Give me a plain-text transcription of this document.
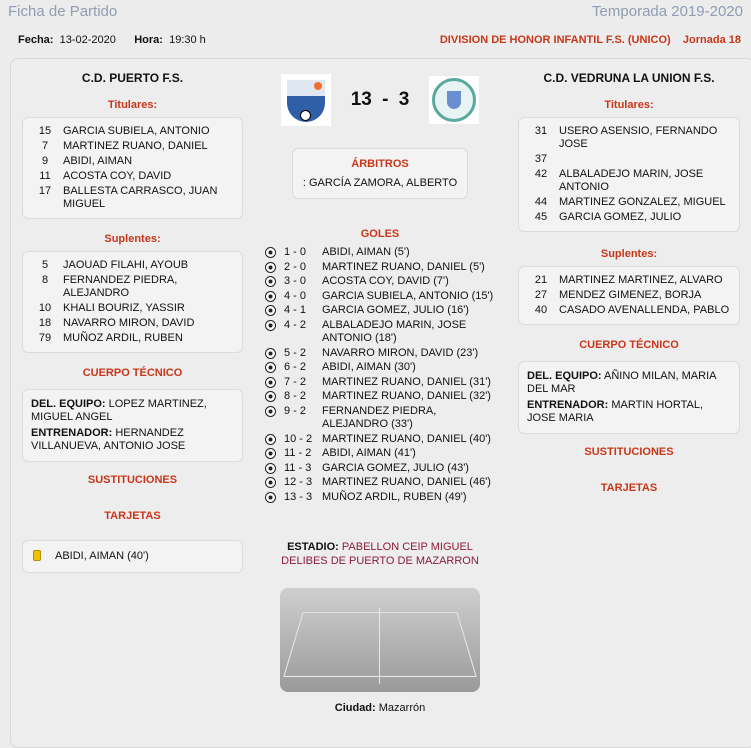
Ficha de Partido	Temporada 2019-2020
Fecha: 13-02-2020 Hora: 19:30 h	DIVISION DE HONOR INFANTIL F.S. (UNICO) Jornada 18
C.D. PUERTO F.S.
Titulares:
15	GARCIA SUBIELA, ANTONIO
7	MARTINEZ RUANO, DANIEL
9	ABIDI, AIMAN
11	ACOSTA COY, DAVID
17	BALLESTA CARRASCO, JUAN MIGUEL
Suplentes:
5	JAOUAD FILAHI, AYOUB
8	FERNANDEZ PIEDRA, ALEJANDRO
10	KHALI BOURIZ, YASSIR
18	NAVARRO MIRON, DAVID
79	MUÑOZ ARDIL, RUBEN
CUERPO TÉCNICO
DEL. EQUIPO: LOPEZ MARTINEZ, MIGUEL ANGEL
ENTRENADOR: HERNANDEZ VILLANUEVA, ANTONIO JOSE
SUSTITUCIONES
TARJETAS
ABIDI, AIMAN (40')
13 - 3
ÁRBITROS
: GARCÍA ZAMORA, ALBERTO
GOLES
1 - 0	ABIDI, AIMAN (5')
2 - 0	MARTINEZ RUANO, DANIEL (5')
3 - 0	ACOSTA COY, DAVID (7')
4 - 0	GARCIA SUBIELA, ANTONIO (15')
4 - 1	GARCIA GOMEZ, JULIO (16')
4 - 2	ALBALADEJO MARIN, JOSE ANTONIO (18')
5 - 2	NAVARRO MIRON, DAVID (23')
6 - 2	ABIDI, AIMAN (30')
7 - 2	MARTINEZ RUANO, DANIEL (31')
8 - 2	MARTINEZ RUANO, DANIEL (32')
9 - 2	FERNANDEZ PIEDRA, ALEJANDRO (33')
10 - 2 MARTINEZ RUANO, DANIEL (40')
11 - 2 ABIDI, AIMAN (41')
11 - 3 GARCIA GOMEZ, JULIO (43')
12 - 3 MARTINEZ RUANO, DANIEL (46')
13 - 3 MUÑOZ ARDIL, RUBEN (49')
ESTADIO: PABELLON CEIP MIGUEL DELIBES DE PUERTO DE MAZARRON
Ciudad: Mazarrón
C.D. VEDRUNA LA UNION F.S.
Titulares:
31	USERO ASENSIO, FERNANDO JOSE
37
42	ALBALADEJO MARIN, JOSE ANTONIO
44	MARTINEZ GONZALEZ, MIGUEL
45	GARCIA GOMEZ, JULIO
Suplentes:
21	MARTINEZ MARTINEZ, ALVARO
27	MENDEZ GIMENEZ, BORJA
40	CASADO AVENALLENDA, PABLO
CUERPO TÉCNICO
DEL. EQUIPO: AÑINO MILAN, MARIA DEL MAR
ENTRENADOR: MARTIN HORTAL, JOSE MARIA
SUSTITUCIONES
TARJETAS
